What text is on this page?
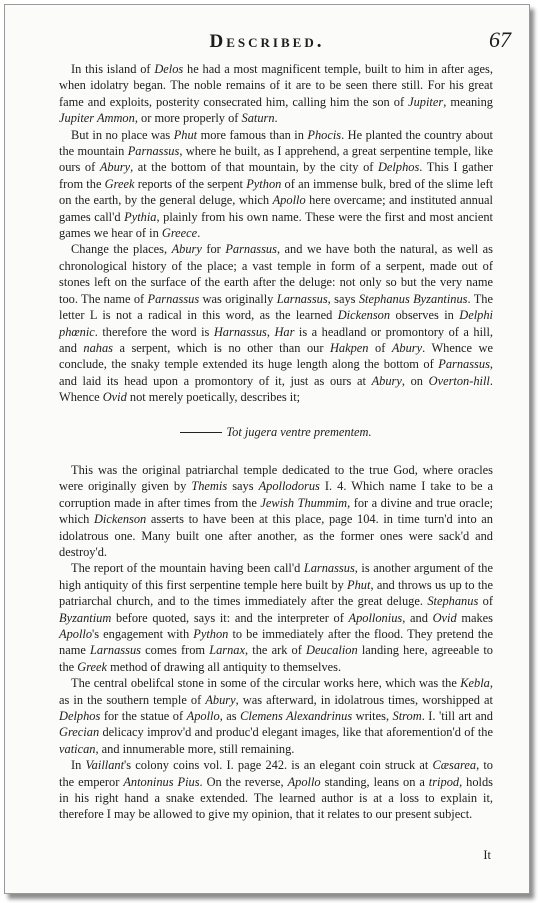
Described.	67

In this island of Delos he had a most magnificent temple, built to him in after ages, when idolatry began. The noble remains of it are to be seen there still. For his great fame and exploits, posterity consecrated him, calling him the son of Jupiter, meaning Jupiter Ammon, or more properly of Saturn.

But in no place was Phut more famous than in Phocis. He planted the country about the mountain Parnassus, where he built, as I apprehend, a great serpentine temple, like ours of Abury, at the bottom of that mountain, by the city of Delphos. This I gather from the Greek reports of the serpent Python of an immense bulk, bred of the slime left on the earth, by the general deluge, which Apollo here overcame; and instituted annual games call'd Pythia, plainly from his own name. These were the first and most ancient games we hear of in Greece.

Change the places, Abury for Parnassus, and we have both the natural, as well as chronological history of the place; a vast temple in form of a serpent, made out of stones left on the surface of the earth after the deluge: not only so but the very name too. The name of Parnassus was originally Larnassus, says Stephanus Byzantinus. The letter L is not a radical in this word, as the learned Dickenson observes in Delphi phœnic. therefore the word is Harnassus, Har is a headland or promontory of a hill, and nahas a serpent, which is no other than our Hakpen of Abury. Whence we conclude, the snaky temple extended its huge length along the bottom of Parnassus, and laid its head upon a promontory of it, just as ours at Abury, on Overton-hill. Whence Ovid not merely poetically, describes it;

Tot jugera ventre prementem.

This was the original patriarchal temple dedicated to the true God, where oracles were originally given by Themis says Apollodorus I. 4. Which name I take to be a corruption made in after times from the Jewish Thummim, for a divine and true oracle; which Dickenson asserts to have been at this place, page 104. in time turn'd into an idolatrous one. Many built one after another, as the former ones were sack'd and destroy'd.

The report of the mountain having been call'd Larnassus, is another argument of the high antiquity of this first serpentine temple here built by Phut, and throws us up to the patriarchal church, and to the times immediately after the great deluge. Stephanus of Byzantium before quoted, says it: and the interpreter of Apollonius, and Ovid makes Apollo's engagement with Python to be immediately after the flood. They pretend the name Larnassus comes from Larnax, the ark of Deucalion landing here, agreeable to the Greek method of drawing all antiquity to themselves.

The central obelifcal stone in some of the circular works here, which was the Kebla, as in the southern temple of Abury, was afterward, in idolatrous times, worshipped at Delphos for the statue of Apollo, as Clemens Alexandrinus writes, Strom. I. 'till art and Grecian delicacy improv'd and produc'd elegant images, like that aforemention'd of the vatican, and innumerable more, still remaining.

In Vaillant's colony coins vol. I. page 242. is an elegant coin struck at Cæsarea, to the emperor Antoninus Pius. On the reverse, Apollo standing, leans on a tripod, holds in his right hand a snake extended. The learned author is at a loss to explain it, therefore I may be allowed to give my opinion, that it relates to our present subject.

It
